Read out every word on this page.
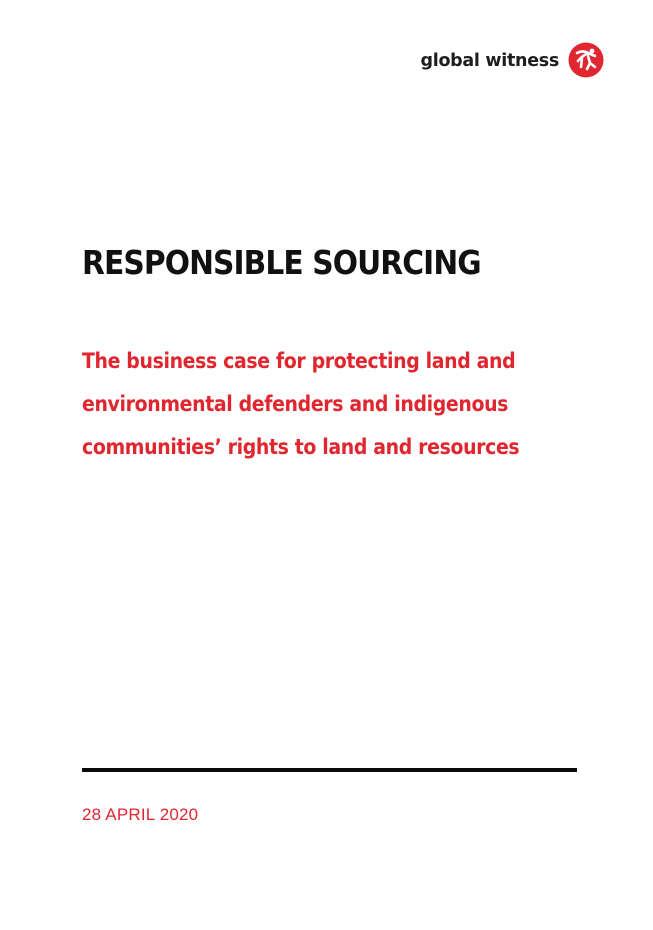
global witness
RESPONSIBLE SOURCING

The business case for protecting land and
environmental defenders and indigenous
communities’ rights to land and resources

28 APRIL 2020
